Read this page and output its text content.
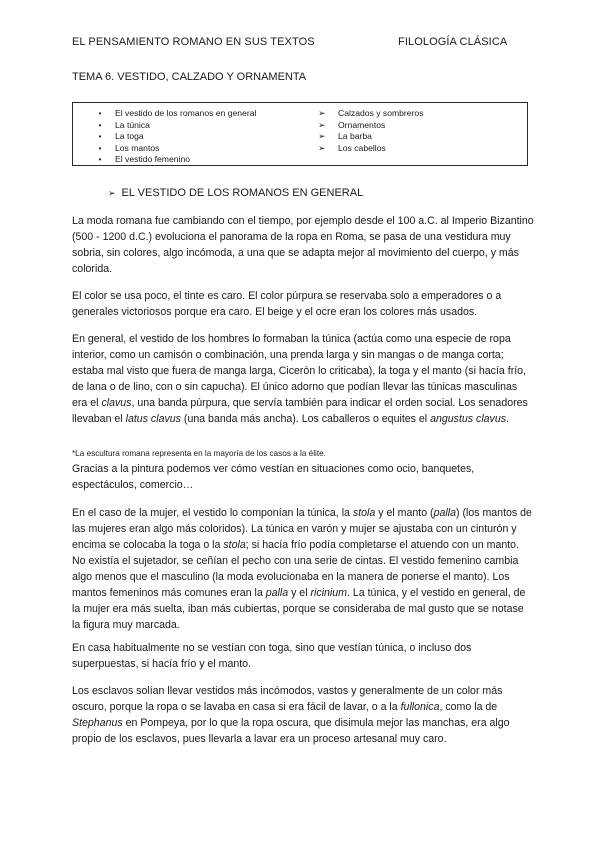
EL PENSAMIENTO ROMANO EN SUS TEXTOS	FILOLOGÍA CLÁSICA
TEMA 6. VESTIDO, CALZADO Y ORNAMENTA
•	El vestido de los romanos en general
•	La túnica
•	La toga
•	Los mantos
•	El vestido femenino
➢	Calzados y sombreros
➢	Ornamentos
➢	La barba
➢	Los cabellos
➢ EL VESTIDO DE LOS ROMANOS EN GENERAL

La moda romana fue cambiando con el tiempo, por ejemplo desde el 100 a.C. al Imperio Bizantino (500 - 1200 d.C.) evoluciona el panorama de la ropa en Roma, se pasa de una vestidura muy sobria, sin colores, algo incómoda, a una que se adapta mejor al movimiento del cuerpo, y más colorida.

El color se usa poco, el tinte es caro. El color púrpura se reservaba solo a emperadores o a generales victoriosos porque era caro. El beige y el ocre eran los colores más usados.

En general, el vestido de los hombres lo formaban la túnica (actúa como una especie de ropa interior, como un camisón o combinación, una prenda larga y sin mangas o de manga corta; estaba mal visto que fuera de manga larga, Cicerón lo criticaba), la toga y el manto (si hacía frío, de lana o de lino, con o sin capucha). El único adorno que podían llevar las túnicas masculinas era el clavus, una banda púrpura, que servía también para indicar el orden social. Los senadores llevaban el latus clavus (una banda más ancha). Los caballeros o equites el angustus clavus.

*La escultura romana representa en la mayoría de los casos a la élite.

Gracias a la pintura podemos ver cómo vestían en situaciones como ocio, banquetes, espectáculos, comercio…

En el caso de la mujer, el vestido lo componían la túnica, la stola y el manto (palla) (los mantos de las mujeres eran algo más coloridos). La túnica en varón y mujer se ajustaba con un cinturón y encima se colocaba la toga o la stola; si hacía frío podía completarse el atuendo con un manto. No existía el sujetador, se ceñían el pecho con una serie de cintas. El vestido femenino cambia algo menos que el masculino (la moda evolucionaba en la manera de ponerse el manto). Los mantos femeninos más comunes eran la palla y el ricinium. La túnica, y el vestido en general, de la mujer era más suelta, iban más cubiertas, porque se consideraba de mal gusto que se notase la figura muy marcada.

En casa habitualmente no se vestían con toga, sino que vestían túnica, o incluso dos superpuestas, si hacía frío y el manto.

Los esclavos solían llevar vestidos más incómodos, vastos y generalmente de un color más oscuro, porque la ropa o se lavaba en casa si era fácil de lavar, o a la fullonica, como la de Stephanus en Pompeya, por lo que la ropa oscura, que disimula mejor las manchas, era algo propio de los esclavos, pues llevarla a lavar era un proceso artesanal muy caro.
